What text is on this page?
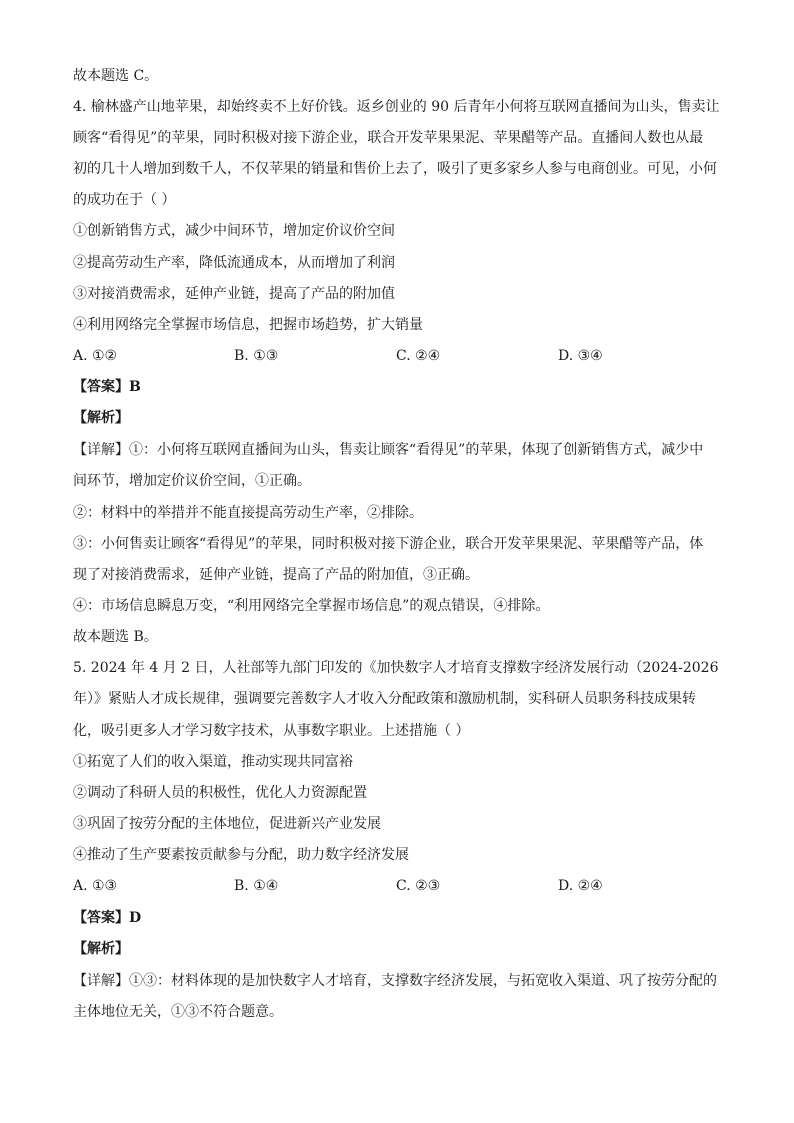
故本题选 C。
4. 榆林盛产山地苹果，却始终卖不上好价钱。返乡创业的 90 后青年小何将互联网直播间为山头，售卖让
顾客“看得见”的苹果，同时积极对接下游企业，联合开发苹果果泥、苹果醋等产品。直播间人数也从最
初的几十人增加到数千人，不仅苹果的销量和售价上去了，吸引了更多家乡人参与电商创业。可见，小何
的成功在于（ ）
①创新销售方式，减少中间环节，增加定价议价空间
②提高劳动生产率，降低流通成本，从而增加了利润
③对接消费需求，延伸产业链，提高了产品的附加值
④利用网络完全掌握市场信息，把握市场趋势，扩大销量
A. ①②	B. ①③	C. ②④	D. ③④
【答案】B
【解析】
【详解】①：小何将互联网直播间为山头，售卖让顾客“看得见”的苹果，体现了创新销售方式，减少中
间环节，增加定价议价空间，①正确。
②：材料中的举措并不能直接提高劳动生产率，②排除。
③：小何售卖让顾客“看得见”的苹果，同时积极对接下游企业，联合开发苹果果泥、苹果醋等产品，体
现了对接消费需求，延伸产业链，提高了产品的附加值，③正确。
④：市场信息瞬息万变，“利用网络完全掌握市场信息”的观点错误，④排除。
故本题选 B。
5. 2024 年 4 月 2 日，人社部等九部门印发的《加快数字人才培育支撑数字经济发展行动（2024-2026
年）》紧贴人才成长规律，强调要完善数字人才收入分配政策和激励机制，实科研人员职务科技成果转
化，吸引更多人才学习数字技术，从事数字职业。上述措施（ ）
①拓宽了人们的收入渠道，推动实现共同富裕
②调动了科研人员的积极性，优化人力资源配置
③巩固了按劳分配的主体地位，促进新兴产业发展
④推动了生产要素按贡献参与分配，助力数字经济发展
A. ①③	B. ①④	C. ②③	D. ②④
【答案】D
【解析】
【详解】①③：材料体现的是加快数字人才培育，支撑数字经济发展，与拓宽收入渠道、巩了按劳分配的
主体地位无关，①③不符合题意。
